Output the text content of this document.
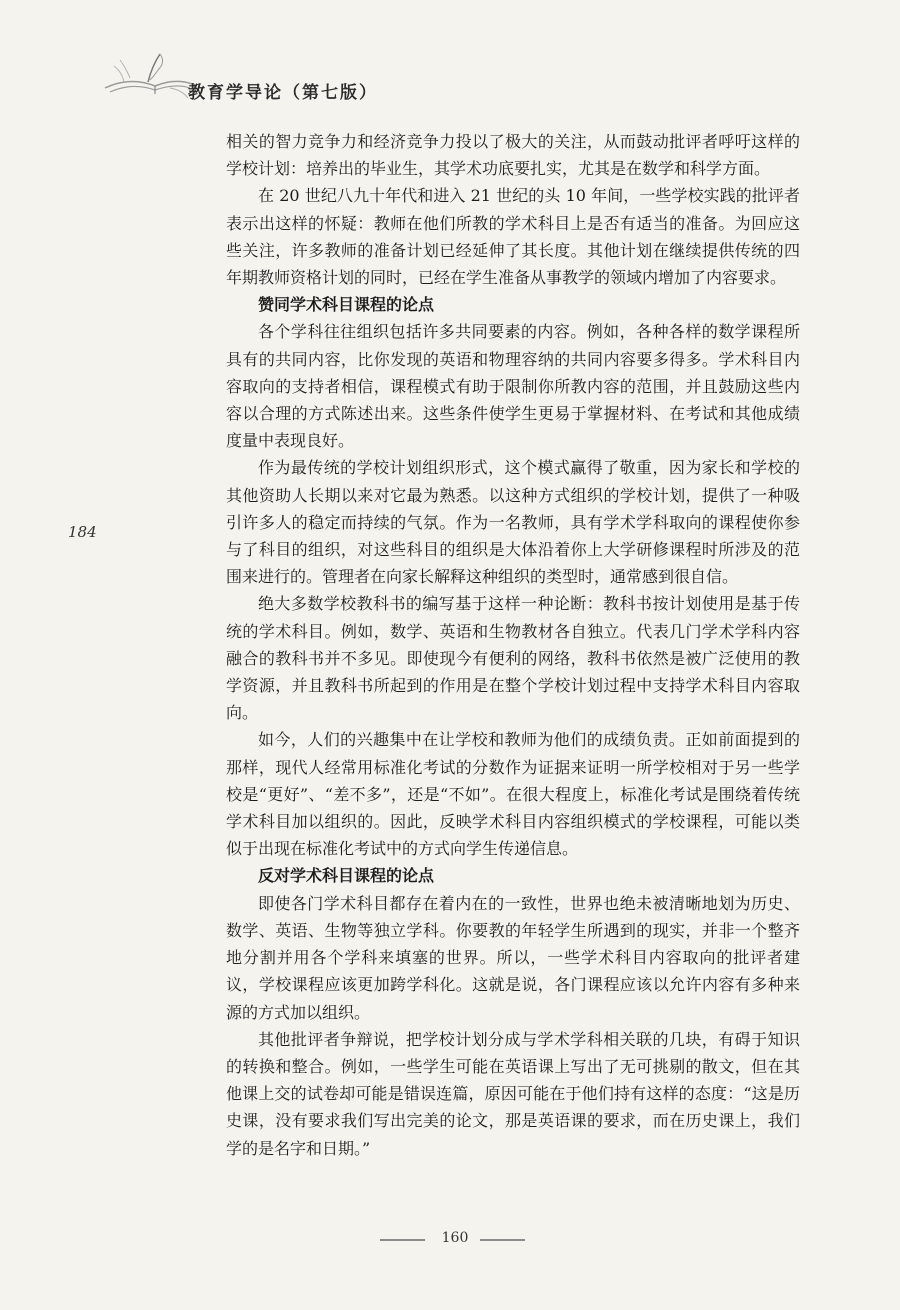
教育学导论（第七版）
184

相关的智力竞争力和经济竞争力投以了极大的关注，从而鼓动批评者呼吁这样的学校计划：培养出的毕业生，其学术功底要扎实，尤其是在数学和科学方面。

在 20 世纪八九十年代和进入 21 世纪的头 10 年间，一些学校实践的批评者表示出这样的怀疑：教师在他们所教的学术科目上是否有适当的准备。为回应这些关注，许多教师的准备计划已经延伸了其长度。其他计划在继续提供传统的四年期教师资格计划的同时，已经在学生准备从事教学的领域内增加了内容要求。

赞同学术科目课程的论点

各个学科往往组织包括许多共同要素的内容。例如，各种各样的数学课程所具有的共同内容，比你发现的英语和物理容纳的共同内容要多得多。学术科目内容取向的支持者相信，课程模式有助于限制你所教内容的范围，并且鼓励这些内容以合理的方式陈述出来。这些条件使学生更易于掌握材料、在考试和其他成绩度量中表现良好。

作为最传统的学校计划组织形式，这个模式赢得了敬重，因为家长和学校的其他资助人长期以来对它最为熟悉。以这种方式组织的学校计划，提供了一种吸引许多人的稳定而持续的气氛。作为一名教师，具有学术学科取向的课程使你参与了科目的组织，对这些科目的组织是大体沿着你上大学研修课程时所涉及的范围来进行的。管理者在向家长解释这种组织的类型时，通常感到很自信。

绝大多数学校教科书的编写基于这样一种论断：教科书按计划使用是基于传统的学术科目。例如，数学、英语和生物教材各自独立。代表几门学术学科内容融合的教科书并不多见。即使现今有便利的网络，教科书依然是被广泛使用的教学资源，并且教科书所起到的作用是在整个学校计划过程中支持学术科目内容取向。

如今，人们的兴趣集中在让学校和教师为他们的成绩负责。正如前面提到的那样，现代人经常用标准化考试的分数作为证据来证明一所学校相对于另一些学校是“更好”、“差不多”，还是“不如”。在很大程度上，标准化考试是围绕着传统学术科目加以组织的。因此，反映学术科目内容组织模式的学校课程，可能以类似于出现在标准化考试中的方式向学生传递信息。

反对学术科目课程的论点

即使各门学术科目都存在着内在的一致性，世界也绝未被清晰地划为历史、数学、英语、生物等独立学科。你要教的年轻学生所遇到的现实，并非一个整齐地分割并用各个学科来填塞的世界。所以，一些学术科目内容取向的批评者建议，学校课程应该更加跨学科化。这就是说，各门课程应该以允许内容有多种来源的方式加以组织。

其他批评者争辩说，把学校计划分成与学术学科相关联的几块，有碍于知识的转换和整合。例如，一些学生可能在英语课上写出了无可挑剔的散文，但在其他课上交的试卷却可能是错误连篇，原因可能在于他们持有这样的态度：“这是历史课，没有要求我们写出完美的论文，那是英语课的要求，而在历史课上，我们学的是名字和日期。”

160
